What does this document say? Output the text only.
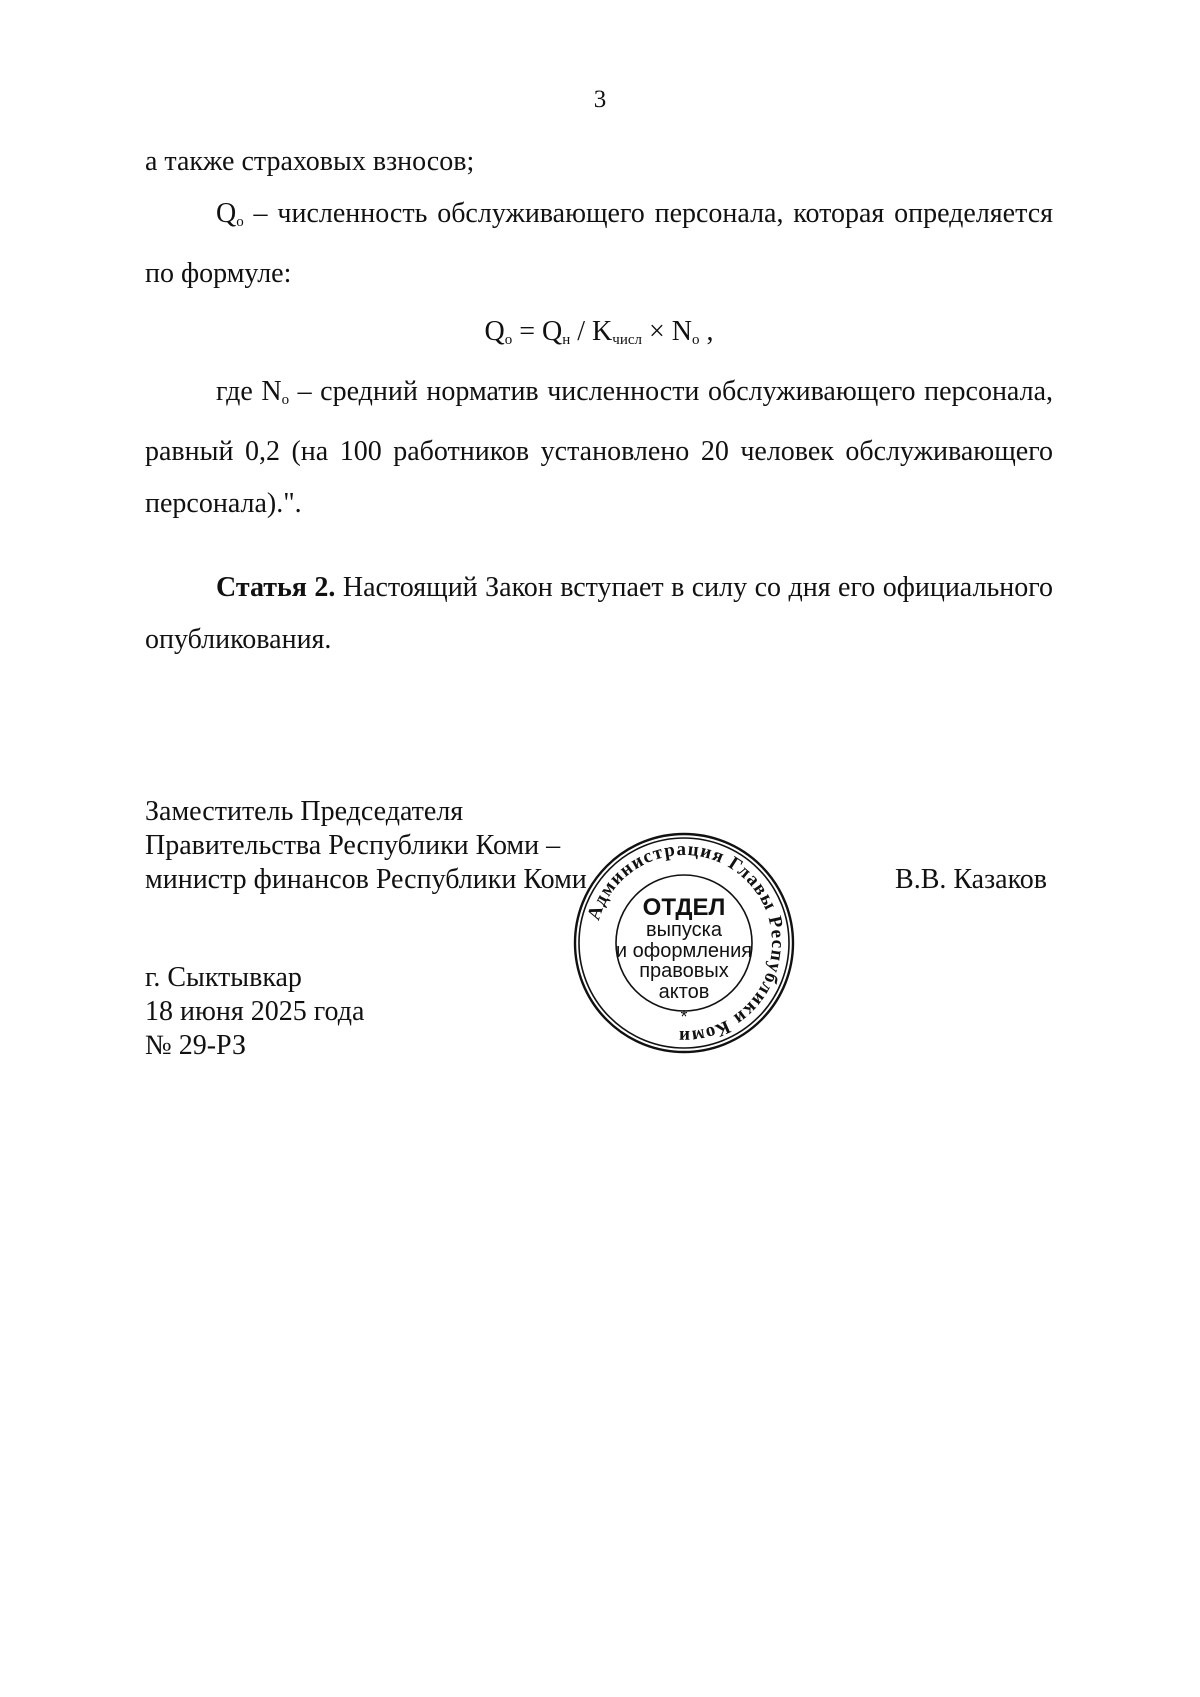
3
а также страховых взносов;
$Q_о$ – численность обслуживающего персонала, которая определяется по формуле:
$Q_о = Q_н / K_{числ} \times N_о$ ,
где $N_о$ – средний норматив численности обслуживающего персонала, равный 0,2 (на 100 работников установлено 20 человек обслуживающего персонала).".
Статья 2. Настоящий Закон вступает в силу со дня его официального опубликования.
Заместитель Председателя
Правительства Республики Коми –
министр финансов Республики Коми	В.В. Казаков
г. Сыктывкар
18 июня 2025 года
№ 29-РЗ
Администрация Главы Республики Коми
ОТДЕЛ
выпуска
и оформления
правовых
актов
*
